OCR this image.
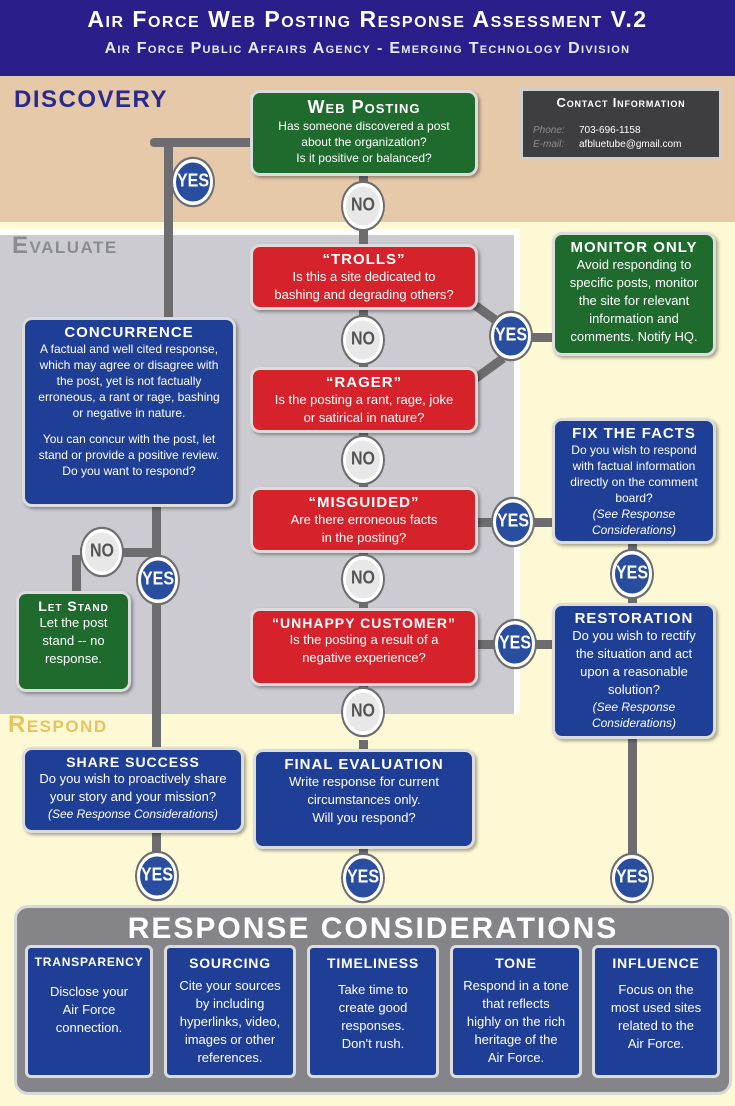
Air Force Web Posting Response Assessment V.2
Air Force Public Affairs Agency - Emerging Technology Division
DISCOVERY
Evaluate
Respond
Contact Information
Phone: 703-696-1158
E-mail: afbluetube@gmail.com
Web Posting
Has someone discovered a post
about the organization?
Is it positive or balanced?
“TROLLS”
Is this a site dedicated to
bashing and degrading others?
“RAGER”
Is the posting a rant, rage, joke
or satirical in nature?
“MISGUIDED”
Are there erroneous facts
in the posting?
“UNHAPPY CUSTOMER”
Is the posting a result of a
negative experience?
MONITOR ONLY
Avoid responding to
specific posts, monitor
the site for relevant
information and
comments. Notify HQ.
CONCURRENCE
A factual and well cited response,
which may agree or disagree with
the post, yet is not factually
erroneous, a rant or rage, bashing
or negative in nature.
You can concur with the post, let
stand or provide a positive review.
Do you want to respond?
FIX THE FACTS
Do you wish to respond
with factual information
directly on the comment
board?
(See Response
Considerations)
Let Stand
Let the post
stand -- no
response.
RESTORATION
Do you wish to rectify
the situation and act
upon a reasonable
solution?
(See Response
Considerations)
SHARE SUCCESS
Do you wish to proactively share
your story and your mission?
(See Response Considerations)
FINAL EVALUATION
Write response for current
circumstances only.
Will you respond?
NO
YES
NO	YES
NO
YES
NO	YES
NO
YES
YES
NO
YES	YES	YES
RESPONSE CONSIDERATIONS
TRANSPARENCY
Disclose your
Air Force
connection.
SOURCING
Cite your sources
by including
hyperlinks, video,
images or other
references.
TIMELINESS
Take time to
create good
responses.
Don't rush.
TONE
Respond in a tone
that reflects
highly on the rich
heritage of the
Air Force.
INFLUENCE
Focus on the
most used sites
related to the
Air Force.
